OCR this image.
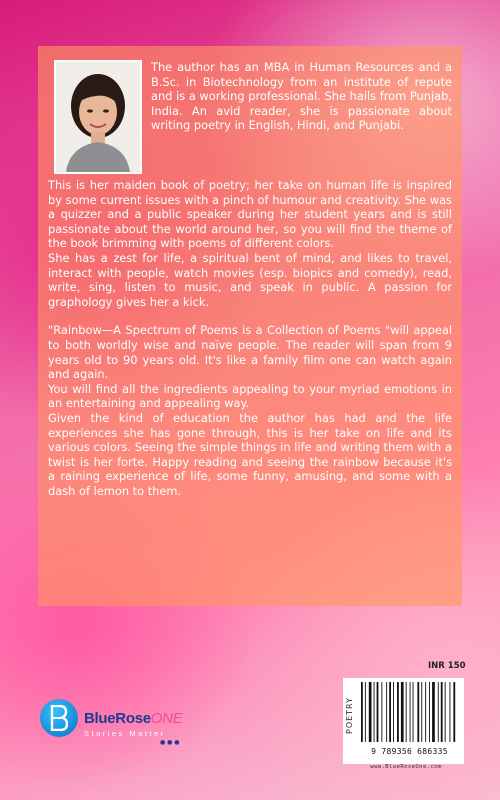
The author has an MBA in Human Resources and a B.Sc. in Biotechnology from an institute of repute and is a working professional. She hails from Punjab, India. An avid reader, she is passionate about writing poetry in English, Hindi, and Punjabi.

This is her maiden book of poetry; her take on human life is inspired by some current issues with a pinch of humour and creativity. She was a quizzer and a public speaker during her student years and is still passionate about the world around her, so you will find the theme of the book brimming with poems of different colors.

She has a zest for life, a spiritual bent of mind, and likes to travel, interact with people, watch movies (esp. biopics and comedy), read, write, sing, listen to music, and speak in public. A passion for graphology gives her a kick.

"Rainbow—A Spectrum of Poems is a Collection of Poems "will appeal to both worldly wise and naïve people. The reader will span from 9 years old to 90 years old. It's like a family film one can watch again and again.

You will find all the ingredients appealing to your myriad emotions in an entertaining and appealing way.

Given the kind of education the author has had and the life experiences she has gone through, this is her take on life and its various colors. Seeing the simple things in life and writing them with a twist is her forte. Happy reading and seeing the rainbow because it's a raining experience of life, some funny, amusing, and some with a dash of lemon to them.

BlueRoseONE
Stories Matter
● ● ●
INR 150
POETRY
9 789356 686335
www.BlueRoseOne.com
